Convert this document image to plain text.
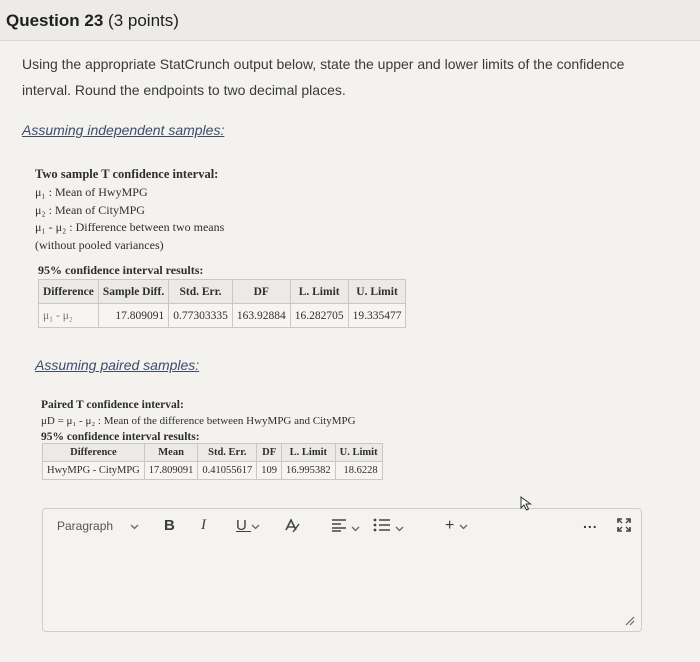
Question 23 (3 points)
Using the appropriate StatCrunch output below, state the upper and lower limits of the confidence interval. Round the endpoints to two decimal places.
Assuming independent samples:
Two sample T confidence interval:
μ₁ : Mean of HwyMPG
μ₂ : Mean of CityMPG
μ₁ - μ₂ : Difference between two means
(without pooled variances)
95% confidence interval results:
Difference	Sample Diff.	Std. Err.	DF	L. Limit	U. Limit
μ₁ - μ₂	17.809091	0.77303335	163.92884	16.282705	19.335477
Assuming paired samples:
Paired T confidence interval:
μD = μ₁ - μ₂ : Mean of the difference between HwyMPG and CityMPG
95% confidence interval results:
Difference	Mean	Std. Err.	DF	L. Limit	U. Limit
HwyMPG - CityMPG	17.809091	0.41055617	109	16.995382	18.6228
Paragraph	B I U

	+	...
